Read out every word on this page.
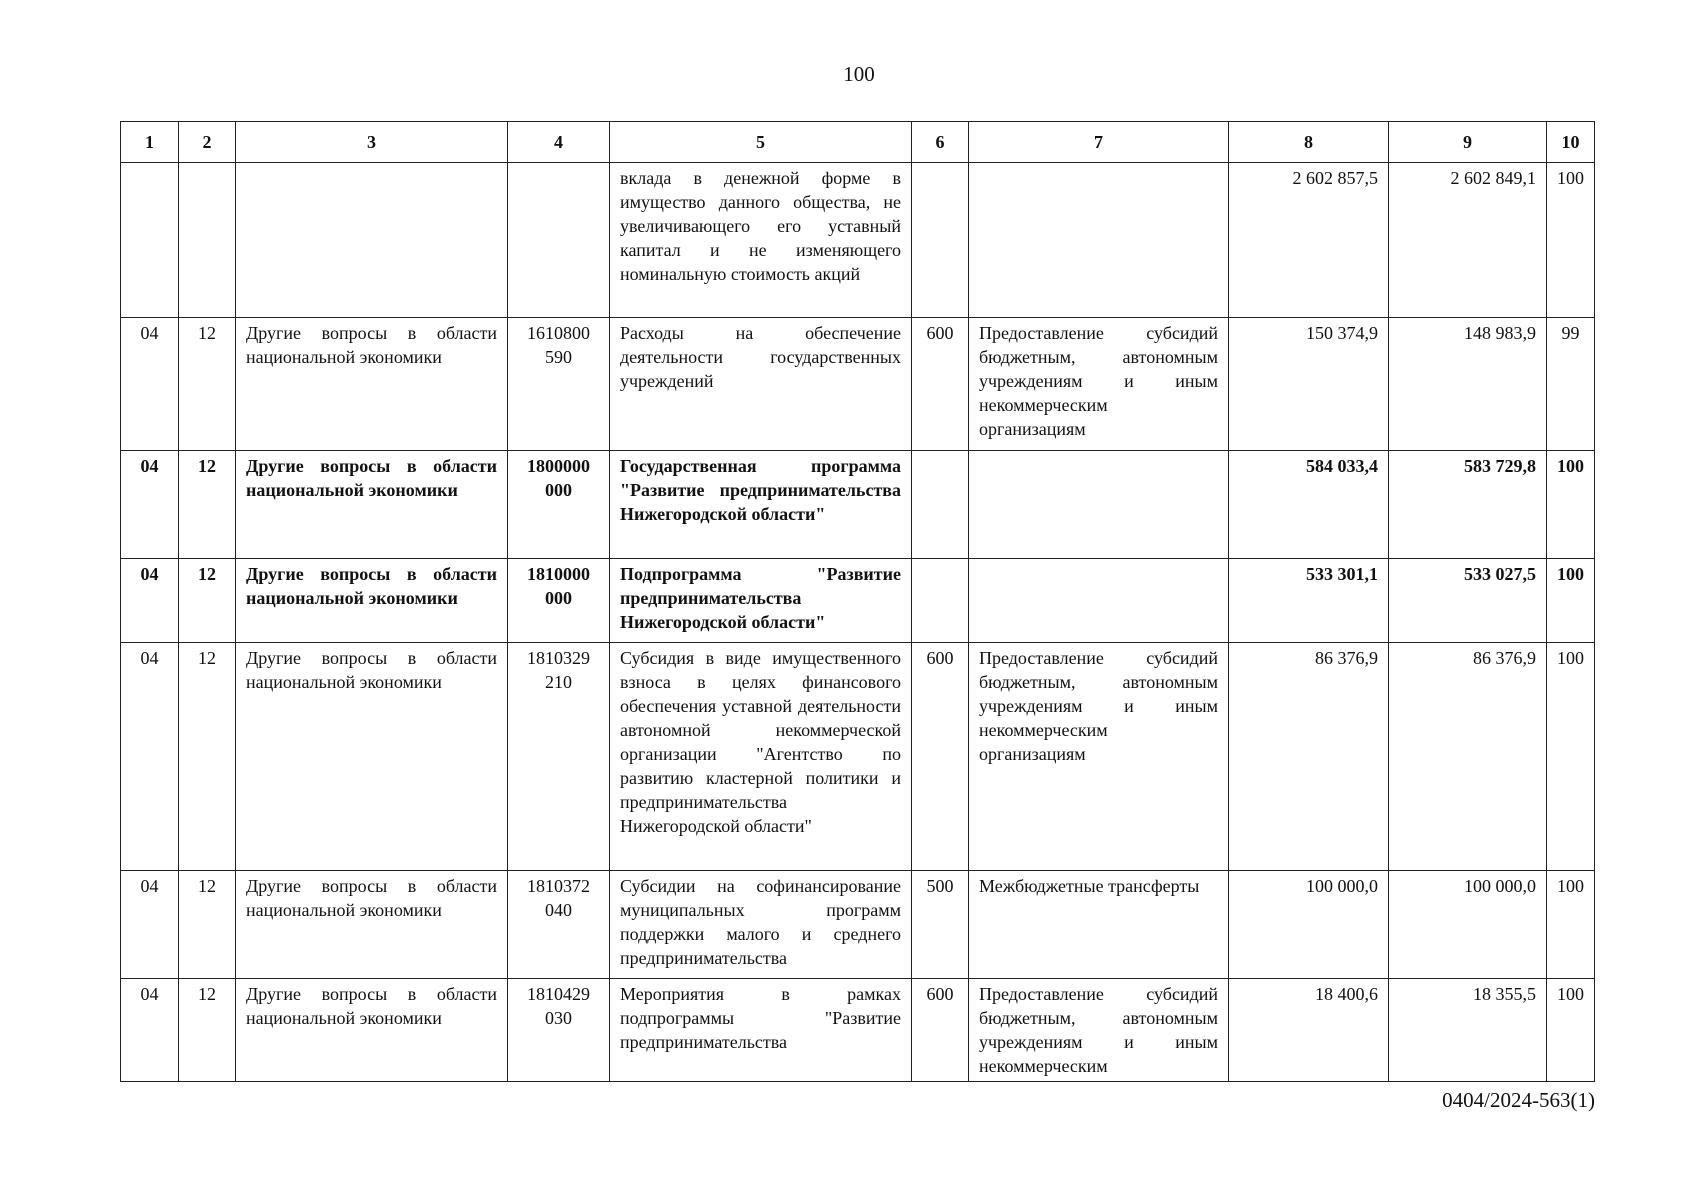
100
1	2	3	4	5	6	7	8	9	10
				вклада в денежной форме в имущество данного общества, не увеличивающего его уставный капитал и не изменяющего номинальную стоимость акций			2 602 857,5	2 602 849,1	100
04	12	Другие вопросы в области национальной экономики	1610800 590	Расходы на обеспечение деятельности государственных учреждений	600	Предоставление субсидий бюджетным, автономным учреждениям и иным некоммерческим организациям	150 374,9	148 983,9	99
04	12	Другие вопросы в области национальной экономики	1800000 000	Государственная программа "Развитие предпринимательства Нижегородской области"			584 033,4	583 729,8	100
04	12	Другие вопросы в области национальной экономики	1810000 000	Подпрограмма "Развитие предпринимательства Нижегородской области"			533 301,1	533 027,5	100
04	12	Другие вопросы в области национальной экономики	1810329 210	Субсидия в виде имущественного взноса в целях финансового обеспечения уставной деятельности автономной некоммерческой организации "Агентство по развитию кластерной политики и предпринимательства Нижегородской области"	600	Предоставление субсидий бюджетным, автономным учреждениям и иным некоммерческим организациям	86 376,9	86 376,9	100
04	12	Другие вопросы в области национальной экономики	1810372 040	Субсидии на софинансирование муниципальных программ поддержки малого и среднего предпринимательства	500	Межбюджетные трансферты	100 000,0	100 000,0	100
04	12	Другие вопросы в области национальной экономики	1810429 030	Мероприятия в рамках подпрограммы "Развитие предпринимательства	600	Предоставление субсидий бюджетным, автономным учреждениям и иным некоммерческим	18 400,6	18 355,5	100
0404/2024-563(1)
